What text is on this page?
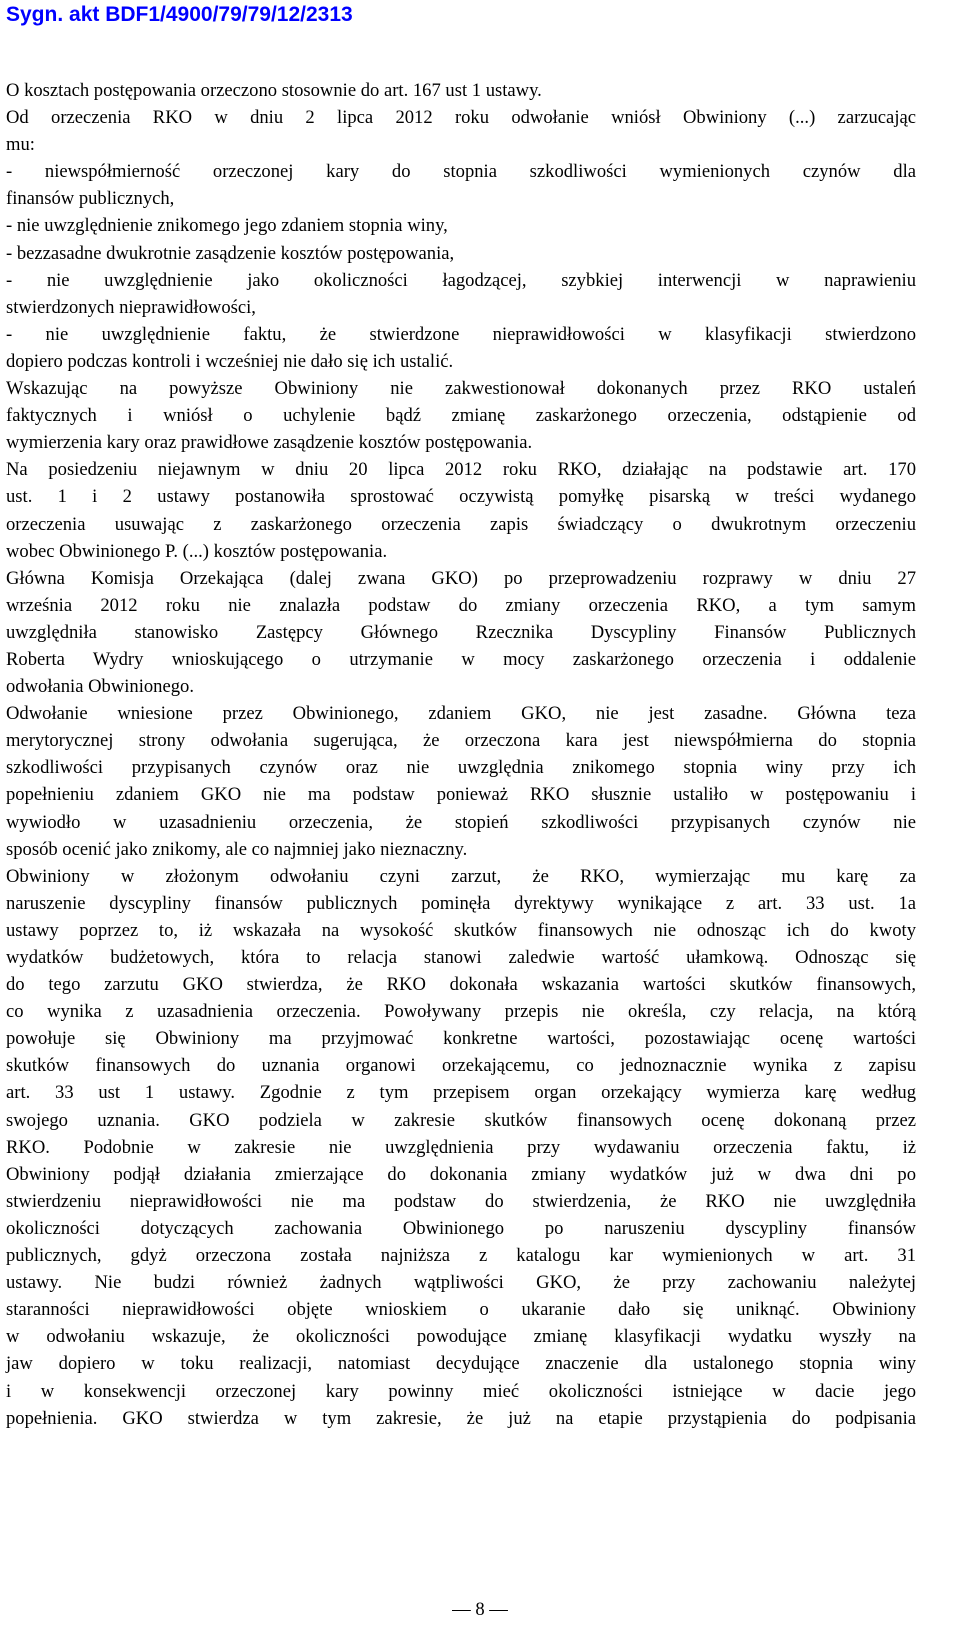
Sygn. akt BDF1/4900/79/79/12/2313
O kosztach postępowania orzeczono stosownie do art. 167 ust 1 ustawy.
Od orzeczenia RKO w dniu 2 lipca 2012 roku odwołanie wniósł Obwiniony (...) zarzucając
mu:
- niewspółmierność orzeczonej kary do stopnia szkodliwości wymienionych czynów dla
finansów publicznych,
- nie uwzględnienie znikomego jego zdaniem stopnia winy,
- bezzasadne dwukrotnie zasądzenie kosztów postępowania,
- nie uwzględnienie jako okoliczności łagodzącej, szybkiej interwencji w naprawieniu
stwierdzonych nieprawidłowości,
- nie uwzględnienie faktu, że stwierdzone nieprawidłowości w klasyfikacji stwierdzono
dopiero podczas kontroli i wcześniej nie dało się ich ustalić.
Wskazując na powyższe Obwiniony nie zakwestionował dokonanych przez RKO ustaleń
faktycznych i wniósł o uchylenie bądź zmianę zaskarżonego orzeczenia, odstąpienie od
wymierzenia kary oraz prawidłowe zasądzenie kosztów postępowania.
Na posiedzeniu niejawnym w dniu 20 lipca 2012 roku RKO, działając na podstawie art. 170
ust. 1 i 2 ustawy postanowiła sprostować oczywistą pomyłkę pisarską w treści wydanego
orzeczenia usuwając z zaskarżonego orzeczenia zapis świadczący o dwukrotnym orzeczeniu
wobec Obwinionego P. (...) kosztów postępowania.
Główna Komisja Orzekająca (dalej zwana GKO) po przeprowadzeniu rozprawy w dniu 27
września 2012 roku nie znalazła podstaw do zmiany orzeczenia RKO, a tym samym
uwzględniła stanowisko Zastępcy Głównego Rzecznika Dyscypliny Finansów Publicznych
Roberta Wydry wnioskującego o utrzymanie w mocy zaskarżonego orzeczenia i oddalenie
odwołania Obwinionego.
Odwołanie wniesione przez Obwinionego, zdaniem GKO, nie jest zasadne. Główna teza
merytorycznej strony odwołania sugerująca, że orzeczona kara jest niewspółmierna do stopnia
szkodliwości przypisanych czynów oraz nie uwzględnia znikomego stopnia winy przy ich
popełnieniu zdaniem GKO nie ma podstaw ponieważ RKO słusznie ustaliło w postępowaniu i
wywiodło w uzasadnieniu orzeczenia, że stopień szkodliwości przypisanych czynów nie
sposób ocenić jako znikomy, ale co najmniej jako nieznaczny.
Obwiniony w złożonym odwołaniu czyni zarzut, że RKO, wymierzając mu karę za
naruszenie dyscypliny finansów publicznych pominęła dyrektywy wynikające z art. 33 ust. 1a
ustawy poprzez to, iż wskazała na wysokość skutków finansowych nie odnosząc ich do kwoty
wydatków budżetowych, która to relacja stanowi zaledwie wartość ułamkową. Odnosząc się
do tego zarzutu GKO stwierdza, że RKO dokonała wskazania wartości skutków finansowych,
co wynika z uzasadnienia orzeczenia. Powoływany przepis nie określa, czy relacja, na którą
powołuje się Obwiniony ma przyjmować konkretne wartości, pozostawiając ocenę wartości
skutków finansowych do uznania organowi orzekającemu, co jednoznacznie wynika z zapisu
art. 33 ust 1 ustawy. Zgodnie z tym przepisem organ orzekający wymierza karę według
swojego uznania. GKO podziela w zakresie skutków finansowych ocenę dokonaną przez
RKO. Podobnie w zakresie nie uwzględnienia przy wydawaniu orzeczenia faktu, iż
Obwiniony podjął działania zmierzające do dokonania zmiany wydatków już w dwa dni po
stwierdzeniu nieprawidłowości nie ma podstaw do stwierdzenia, że RKO nie uwzględniła
okoliczności dotyczących zachowania Obwinionego po naruszeniu dyscypliny finansów
publicznych, gdyż orzeczona została najniższa z katalogu kar wymienionych w art. 31
ustawy. Nie budzi również żadnych wątpliwości GKO, że przy zachowaniu należytej
staranności nieprawidłowości objęte wnioskiem o ukaranie dało się uniknąć. Obwiniony
w odwołaniu wskazuje, że okoliczności powodujące zmianę klasyfikacji wydatku wyszły na
jaw dopiero w toku realizacji, natomiast decydujące znaczenie dla ustalonego stopnia winy
i w konsekwencji orzeczonej kary powinny mieć okoliczności istniejące w dacie jego
popełnienia. GKO stwierdza w tym zakresie, że już na etapie przystąpienia do podpisania
— 8 —
